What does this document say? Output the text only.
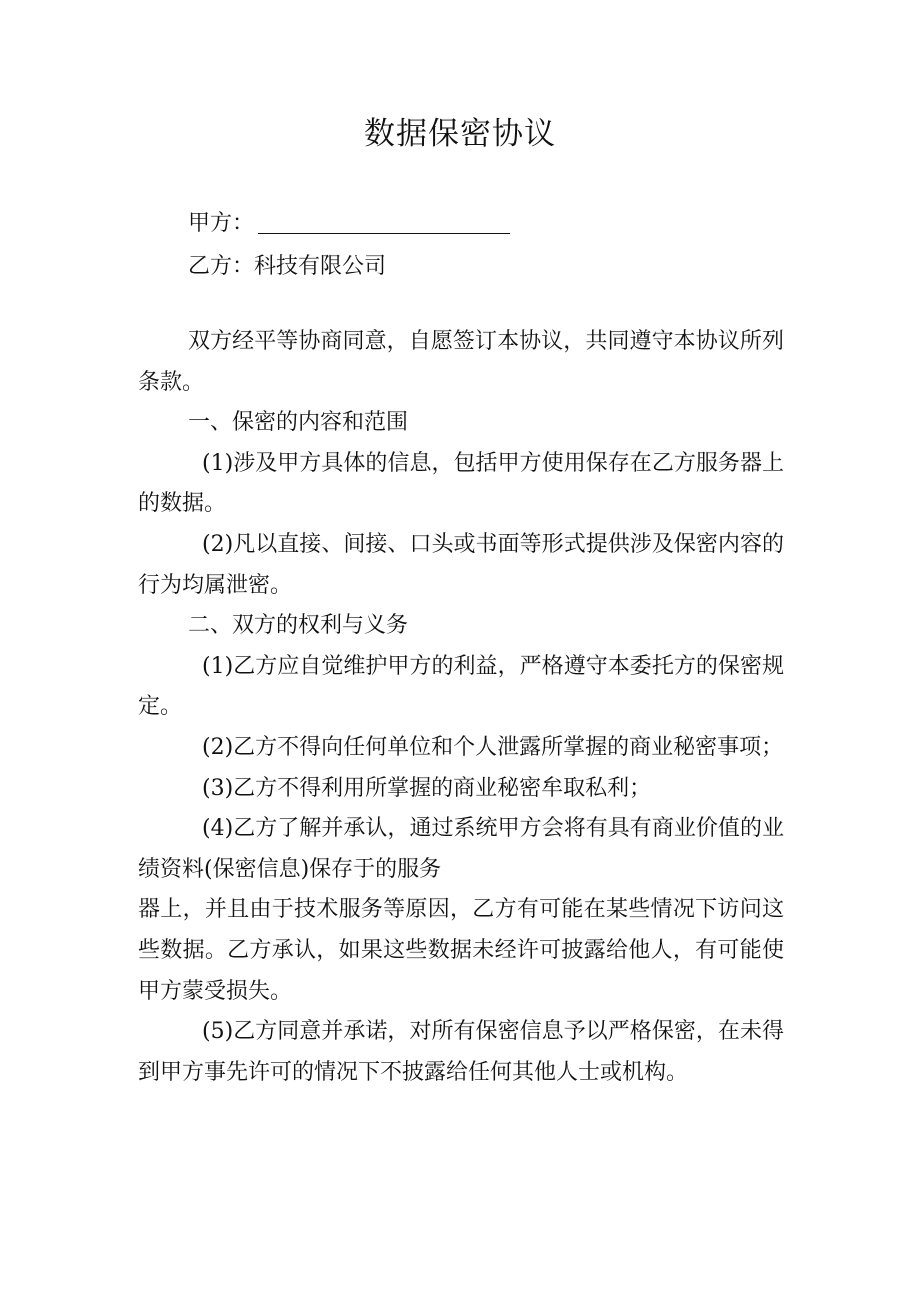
数据保密协议
甲方：
乙方：科技有限公司

双方经平等协商同意，自愿签订本协议，共同遵守本协议所列条款。

一、保密的内容和范围

(1)涉及甲方具体的信息，包括甲方使用保存在乙方服务器上的数据。

(2)凡以直接、间接、口头或书面等形式提供涉及保密内容的行为均属泄密。

二、双方的权利与义务

(1)乙方应自觉维护甲方的利益，严格遵守本委托方的保密规定。

(2)乙方不得向任何单位和个人泄露所掌握的商业秘密事项；

(3)乙方不得利用所掌握的商业秘密牟取私利；

(4)乙方了解并承认，通过系统甲方会将有具有商业价值的业绩资料(保密信息)保存于的服务

器上，并且由于技术服务等原因，乙方有可能在某些情况下访问这些数据。乙方承认，如果这些数据未经许可披露给他人，有可能使甲方蒙受损失。

(5)乙方同意并承诺，对所有保密信息予以严格保密，在未得到甲方事先许可的情况下不披露给任何其他人士或机构。
